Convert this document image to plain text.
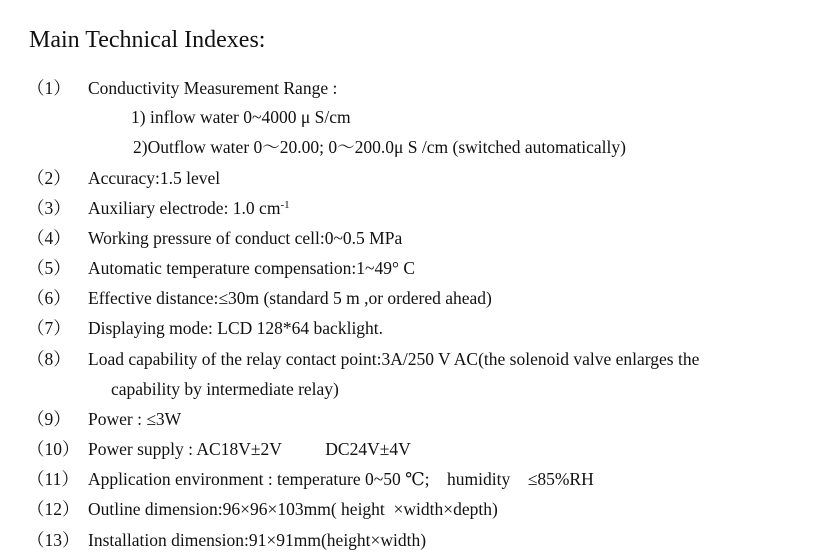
Main Technical Indexes:
（1） Conductivity Measurement Range :
1) inflow water 0~4000 μ S/cm
2)Outflow water 0～20.00; 0～200.0μ S /cm (switched automatically)
（2） Accuracy:1.5 level
（3） Auxiliary electrode: 1.0 $cm^{-1}$
（4） Working pressure of conduct cell:0~0.5 MPa
（5） Automatic temperature compensation:1~49° C
（6） Effective distance:≤30m (standard 5 m ,or ordered ahead)
（7） Displaying mode: LCD 128*64 backlight.
（8） Load capability of the relay contact point:3A/250 V AC(the solenoid valve enlarges the
capability by intermediate relay)
（9） Power : ≤3W
（10） Power supply : AC18V±2V          DC24V±4V
（11） Application environment : temperature 0~50 ℃;    humidity    ≤85%RH
（12） Outline dimension:96×96×103mm( height  ×width×depth)
（13） Installation dimension:91×91mm(height×width)
